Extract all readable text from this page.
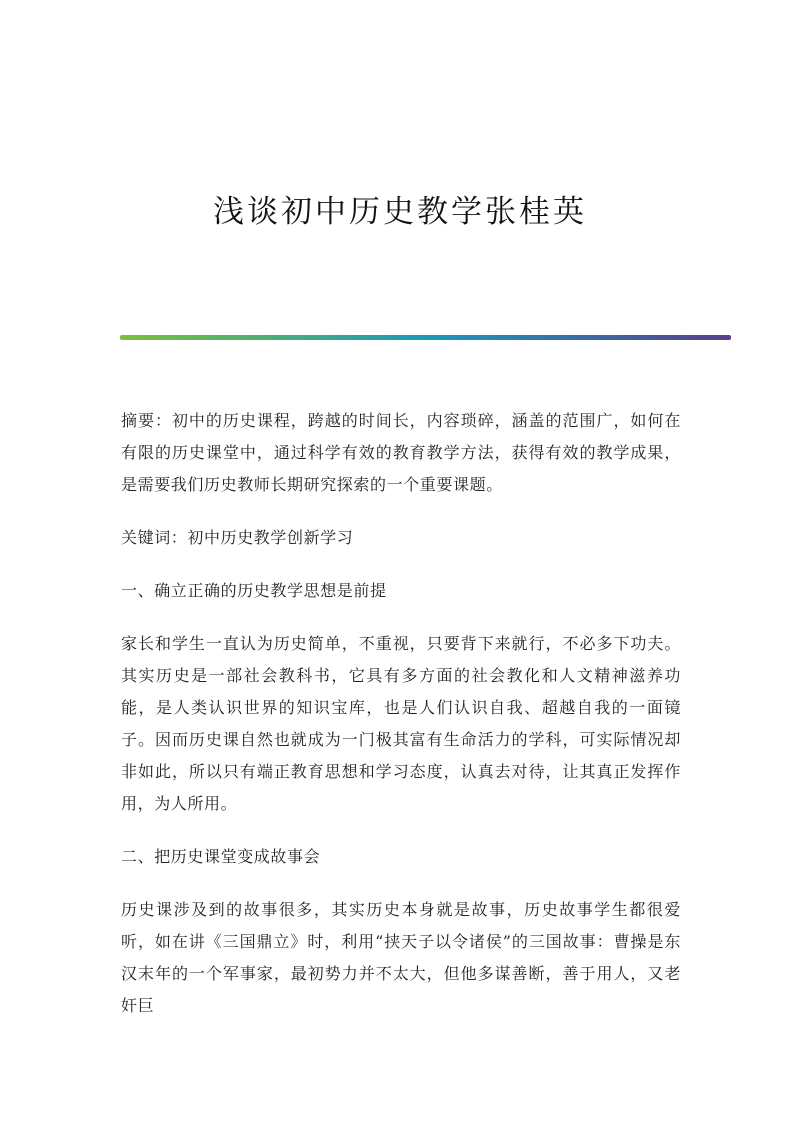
浅谈初中历史教学张桂英

摘要：初中的历史课程，跨越的时间长，内容琐碎，涵盖的范围广，如何在有限的历史课堂中，通过科学有效的教育教学方法，获得有效的教学成果，是需要我们历史教师长期研究探索的一个重要课题。

关键词：初中历史教学创新学习

一、确立正确的历史教学思想是前提

家长和学生一直认为历史简单，不重视，只要背下来就行，不必多下功夫。其实历史是一部社会教科书，它具有多方面的社会教化和人文精神滋养功能，是人类认识世界的知识宝库，也是人们认识自我、超越自我的一面镜子。因而历史课自然也就成为一门极其富有生命活力的学科，可实际情况却非如此，所以只有端正教育思想和学习态度，认真去对待，让其真正发挥作用，为人所用。

二、把历史课堂变成故事会

历史课涉及到的故事很多，其实历史本身就是故事，历史故事学生都很爱听，如在讲《三国鼎立》时，利用“挟天子以令诸侯”的三国故事：曹操是东汉末年的一个军事家，最初势力并不太大，但他多谋善断，善于用人，又老奸巨
